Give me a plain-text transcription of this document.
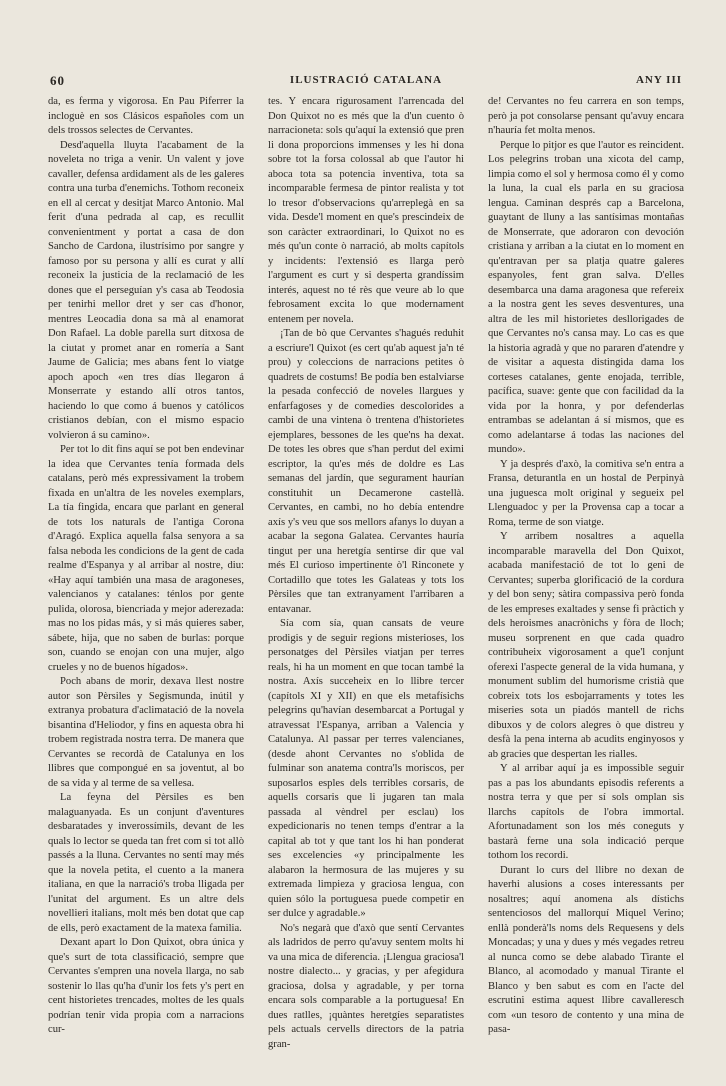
60	ILUSTRACIÓ CATALANA	ANY III

da, es ferma y vigorosa. En Pau Piferrer la incloguè en sos Clásicos españoles com un dels trossos selectes de Cervantes.

Desd'aquella lluyta l'acabament de la noveleta no triga a venir. Un valent y jove cavaller, defensa ardidament als de les galeres contra una turba d'enemichs. Tothom reconeix en ell al cercat y desitjat Marco Antonio. Mal ferit d'una pedrada al cap, es recullit convenientment y portat a casa de don Sancho de Cardona, ilustrísimo por sangre y famoso por su persona y allí es curat y allí reconeix la justicia de la reclamació de les dones que el perseguían y's casa ab Teodosia per tenirhi mellor dret y ser cas d'honor, mentres Leocadia dona sa mà al enamorat Don Rafael. La doble parella surt ditxosa de la ciutat y promet anar en romería a Sant Jaume de Galicia; mes abans fent lo viatge apoch apoch «en tres días llegaron á Monserrate y estando allí otros tantos, haciendo lo que como á buenos y católicos cristianos debían, con el mismo espacio volvieron á su camino».

Per tot lo dit fins aquí se pot ben endevinar la idea que Cervantes tenía formada dels catalans, però més expressivament la trobem fixada en un'altra de les noveles exemplars, La tía fingida, encara que parlant en general de tots los naturals de l'antiga Corona d'Aragó. Explica aquella falsa senyora a sa falsa neboda les condicions de la gent de cada realme d'Espanya y al arribar al nostre, diu: «Hay aquí también una masa de aragoneses, valencianos y catalanes: ténlos por gente pulida, olorosa, biencriada y mejor aderezada: mas no los pidas más, y si más quieres saber, sábete, hija, que no saben de burlas: porque son, cuando se enojan con una mujer, algo crueles y no de buenos hígados».

Poch abans de morir, dexava llest nostre autor son Pèrsiles y Segismunda, inútil y extranya probatura d'aclimatació de la novela bisantina d'Heliodor, y fins en aquesta obra hi trobem registrada nostra terra. De manera que Cervantes se recordà de Catalunya en los llibres que compongué en sa joventut, al bo de sa vida y al terme de sa vellesa.

La feyna del Pèrsiles es ben malaguanyada. Es un conjunt d'aventures desbaratades y inverossímils, devant de les quals lo lector se queda tan fret com si tot allò passés a la lluna. Cervantes no sentí may més que la novela petita, el cuento a la manera italiana, en que la narració's troba lligada per l'unitat del argument. Es un altre dels novellieri italians, molt més ben dotat que cap de ells, però exactament de la matexa familia.

Dexant apart lo Don Quixot, obra única y que's surt de tota classificació, sempre que Cervantes s'empren una novela llarga, no sab sostenir lo llas qu'ha d'unir los fets y's pert en cent historietes trencades, moltes de les quals podrían tenir vida propia com a narracions cur-

tes. Y encara rigurosament l'arrencada del Don Quixot no es més que la d'un cuento ò narracioneta: sols qu'aquí la extensió que pren li dona proporcions immenses y les hi dona sobre tot la forsa colossal ab que l'autor hi aboca tota sa potencia inventiva, tota sa incomparable fermesa de pintor realista y tot lo tresor d'observacions qu'arreplegà en sa vida. Desde'l moment en que's prescindeix de son caràcter extraordinari, lo Quixot no es més qu'un conte ò narració, ab molts capítols y incidents: l'extensió es llarga però l'argument es curt y si desperta grandíssim interés, aquest no té rès que veure ab lo que febrosament excita lo que modernament entenem per novela.

¡Tan de bò que Cervantes s'hagués reduhit a escriure'l Quixot (es cert qu'ab aquest ja'n té prou) y coleccions de narracions petites ò quadrets de costums! Be podía ben estalviarse la pesada confecció de noveles llargues y enfarfagoses y de comedies descolorides a cambi de una vintena ò trentena d'historietes ejemplares, bessones de les que'ns ha dexat. De totes les obres que s'han perdut del eximi escriptor, la qu'es més de doldre es Las semanas del jardín, que segurament haurían constituhit un Decamerone castellà. Cervantes, en cambi, no ho debía entendre axís y's veu que sos mellors afanys lo duyan a acabar la segona Galatea. Cervantes hauría tingut per una heretgía sentirse dir que val més El curioso impertinente ò'l Rinconete y Cortadillo que totes les Galateas y tots los Pèrsiles que tan extranyament l'arribaren a entavanar.

Sía com sía, quan cansats de veure prodigis y de seguir regions misterioses, los personatges del Pèrsiles viatjan per terres reals, hi ha un moment en que tocan també la nostra. Axís succeheix en lo llibre tercer (capítols XI y XII) en que els metafísichs pelegrins qu'havían desembarcat a Portugal y atravessat l'Espanya, arriban a Valencia y Catalunya. Al passar per terres valencianes, (desde ahont Cervantes no s'oblida de fulminar son anatema contra'ls moriscos, per suposarlos esples dels terribles corsaris, de aquells corsaris que li jugaren tan mala passada al vèndrel per esclau) los expedicionaris no tenen temps d'entrar a la capital ab tot y que tant los hi han ponderat ses excelencies «y principalmente les alabaron la hermosura de las mujeres y su extremada limpieza y graciosa lengua, con quien sólo la portuguesa puede competir en ser dulce y agradable.»

No's negarà que d'axò que sentí Cervantes als ladridos de perro qu'avuy sentem molts hi va una mica de diferencia. ¡Llengua graciosa'l nostre dialecto... y gracias, y per afegidura graciosa, dolsa y agradable, y per torna encara sols comparable a la portuguesa! En dues ratlles, ¡quàntes heretgíes separatistes pels actuals cervells directors de la patria gran-

de! Cervantes no feu carrera en son temps, però ja pot consolarse pensant qu'avuy encara n'hauría fet molta menos.

Perque lo pitjor es que l'autor es reincident. Los pelegrins troban una xicota del camp, limpia como el sol y hermosa como él y como la luna, la cual els parla en su graciosa lengua. Caminan després cap a Barcelona, guaytant de lluny a las santísimas montañas de Monserrate, que adoraron con devoción cristiana y arriban a la ciutat en lo moment en qu'entravan per sa platja quatre galeres espanyoles, fent gran salva. D'elles desembarca una dama aragonesa que refereix a la nostra gent les seves desventures, una altra de les mil historietes desllorigades de que Cervantes no's cansa may. Lo cas es que la historia agradà y que no pararen d'atendre y de visitar a aquesta distingida dama los corteses catalanes, gente enojada, terrible, pacífica, suave: gente que con facilidad da la vida por la honra, y por defenderlas entrambas se adelantan á sí mismos, que es como adelantarse á todas las naciones del mundo».

Y ja després d'axò, la comitiva se'n entra a Fransa, deturantla en un hostal de Perpinyà una juguesca molt original y segueix pel Llenguadoc y per la Provensa cap a tocar a Roma, terme de son viatge.

Y arribem nosaltres a aquella incomparable maravella del Don Quixot, acabada manifestació de tot lo geni de Cervantes; superba glorificació de la cordura y del bon seny; sàtira compassiva però fonda de les empreses exaltades y sense fi pràctich y dels heroismes anacrònichs y fòra de lloch; museu sorprenent en que cada quadro contribuheix vigorosament a que'l conjunt oferexi l'aspecte general de la vida humana, y monument sublim del humorisme cristià que cobreix tots los esbojarraments y totes les miseries sota un piadós mantell de richs dibuxos y de colors alegres ò que distreu y desfà la pena interna ab acudits enginyosos y ab gracies que despertan les rialles.

Y al arribar aquí ja es impossible seguir pas a pas los abundants episodis referents a nostra terra y que per sí sols omplan sis llarchs capítols de l'obra immortal. Afortunadament son los més coneguts y bastarà ferne una sola indicació perque tothom los recordi.

Durant lo curs del llibre no dexan de haverhi alusions a coses interessants per nosaltres; aquí anomena als dístichs sentenciosos del mallorquí Miquel Verino; enllà ponderà'ls noms dels Requesens y dels Moncadas; y una y dues y més vegades retreu al nunca como se debe alabado Tirante el Blanco, al acomodado y manual Tirante el Blanco y ben sabut es com en l'acte del escrutini estima aquest llibre cavalleresch com «un tesoro de contento y una mina de pasa-
